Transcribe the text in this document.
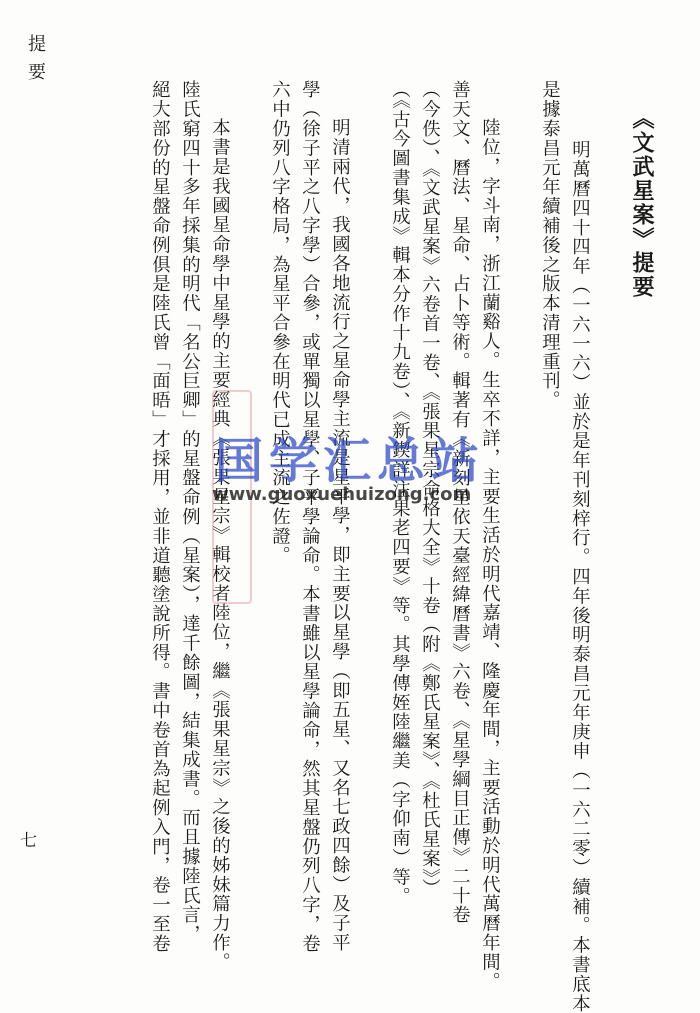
提要
《文武星案》提要
明萬曆四十四年（一六一六）並於是年刊刻梓行。四年後明泰昌元年庚申（一六二零）續補。本書底本
是據泰昌元年續補後之版本清理重刊。
陸位，字斗南，浙江蘭谿人。生卒不詳，主要生活於明代嘉靖、隆慶年間，主要活動於明代萬曆年間。
善天文、曆法、星命、占卜等術。輯著有《新刻星依天臺經緯曆書》六卷、《星學綱目正傳》二十卷
（今佚）、《文武星案》六卷首一卷、《張果星宗命格大全》十卷（附《鄭氏星案》、《杜氏星案》）
（《古今圖書集成》輯本分作十九卷）、《新鍥詳注果老四要》等。其學傳姪陸繼美（字仰南）等。
明清兩代，我國各地流行之星命學主流是星平學，即主要以星學（即五星、又名七政四餘）及子平
學（徐子平之八字學）合參，或單獨以星學、子平學論命。本書雖以星學論命，然其星盤仍列八字，卷
六中仍列八字格局，為星平合參在明代已成主流之佐證。
本書是我國星命學中星學的主要經典《張果星宗》輯校者陸位，繼《張果星宗》之後的姊妹篇力作。
陸氏窮四十多年採集的明代「名公巨卿」的星盤命例（星案），達千餘圖，結集成書。而且據陸氏言，
絕大部份的星盤命例俱是陸氏曾「面晤」才採用，並非道聽塗說所得。書中卷首為起例入門，卷一至卷 国学汇总站
www.guoxuehuizong.com
七
